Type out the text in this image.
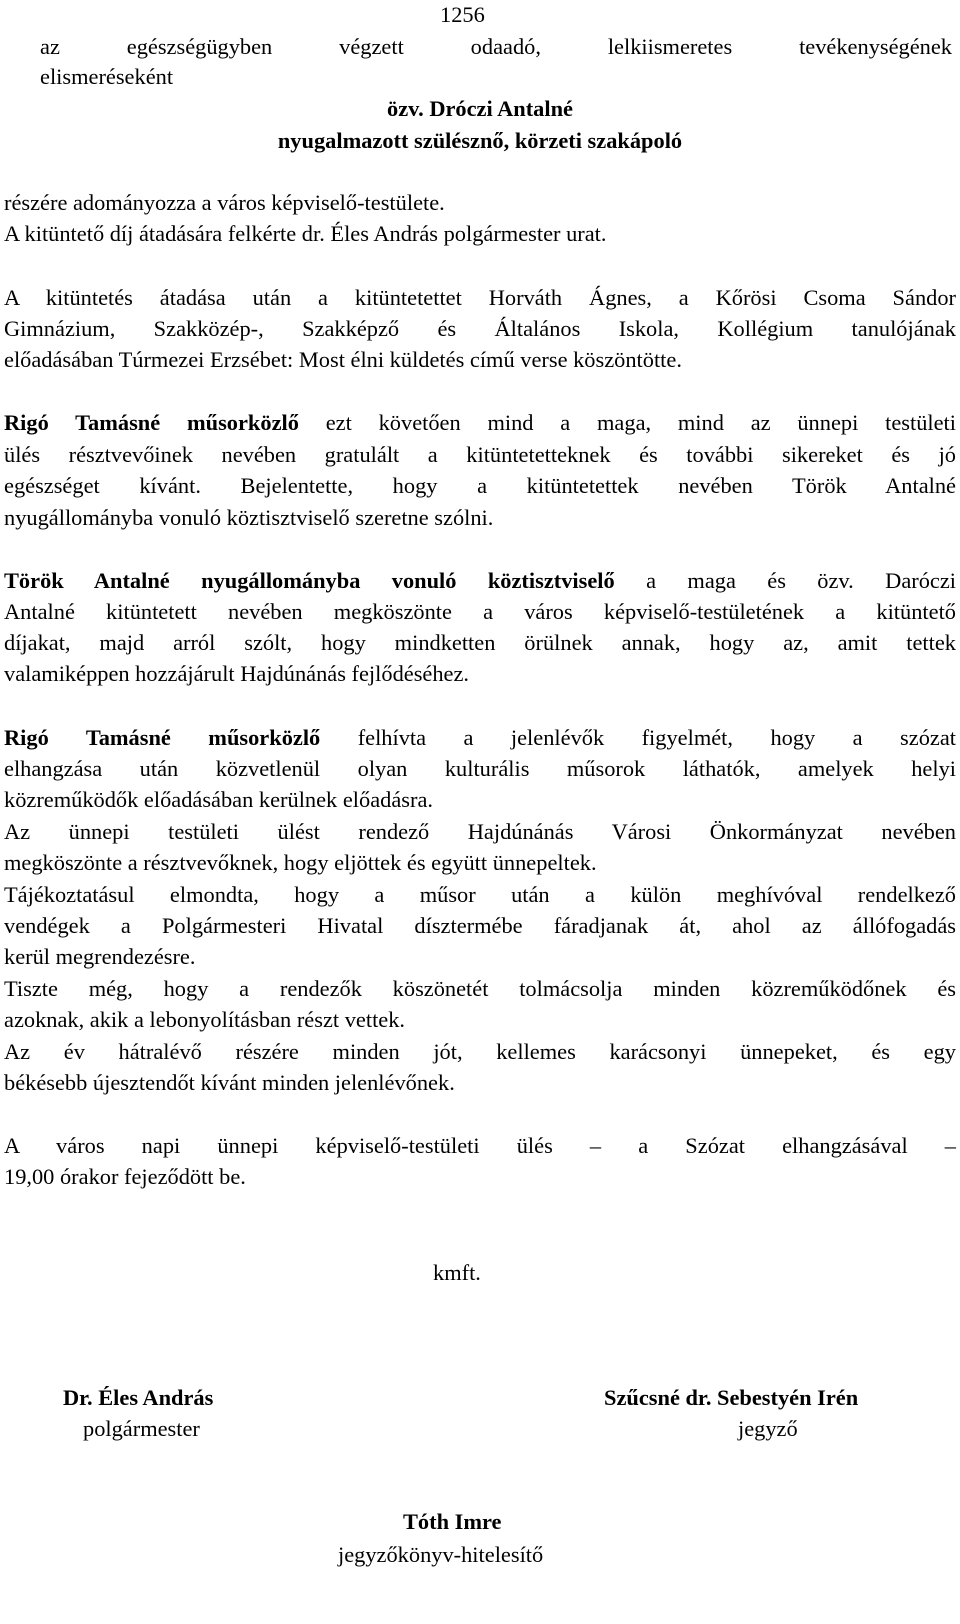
1256
az egészségügyben végzett odaadó, lelkiismeretes tevékenységének
elismeréseként
özv. Dróczi Antalné
nyugalmazott szülésznő, körzeti szakápoló
részére adományozza a város képviselő-testülete.
A kitüntető díj átadására felkérte dr. Éles András polgármester urat.
A kitüntetés átadása után a kitüntetettet Horváth Ágnes, a Kőrösi Csoma Sándor
Gimnázium, Szakközép-, Szakképző és Általános Iskola, Kollégium tanulójának
előadásában Túrmezei Erzsébet: Most élni küldetés című verse köszöntötte.
Rigó Tamásné műsorközlő ezt követően mind a maga, mind az ünnepi testületi
ülés résztvevőinek nevében gratulált a kitüntetetteknek és további sikereket és jó
egészséget kívánt. Bejelentette, hogy a kitüntetettek nevében Török Antalné
nyugállományba vonuló köztisztviselő szeretne szólni.
Török Antalné nyugállományba vonuló köztisztviselő a maga és özv. Daróczi
Antalné kitüntetett nevében megköszönte a város képviselő-testületének a kitüntető
díjakat, majd arról szólt, hogy mindketten örülnek annak, hogy az, amit tettek
valamiképpen hozzájárult Hajdúnánás fejlődéséhez.
Rigó Tamásné műsorközlő felhívta a jelenlévők figyelmét, hogy a szózat
elhangzása után közvetlenül olyan kulturális műsorok láthatók, amelyek helyi
közreműködők előadásában kerülnek előadásra.
Az ünnepi testületi ülést rendező Hajdúnánás Városi Önkormányzat nevében
megköszönte a résztvevőknek, hogy eljöttek és együtt ünnepeltek.
Tájékoztatásul elmondta, hogy a műsor után a külön meghívóval rendelkező
vendégek a Polgármesteri Hivatal dísztermébe fáradjanak át, ahol az állófogadás
kerül megrendezésre.
Tiszte még, hogy a rendezők köszönetét tolmácsolja minden közreműködőnek és
azoknak, akik a lebonyolításban részt vettek.
Az év hátralévő részére minden jót, kellemes karácsonyi ünnepeket, és egy
békésebb újesztendőt kívánt minden jelenlévőnek.
A város napi ünnepi képviselő-testületi ülés – a Szózat elhangzásával –
19,00 órakor fejeződött be.
kmft.
Dr. Éles András
polgármester
Szűcsné dr. Sebestyén Irén
jegyző
Tóth Imre
jegyzőkönyv-hitelesítő
